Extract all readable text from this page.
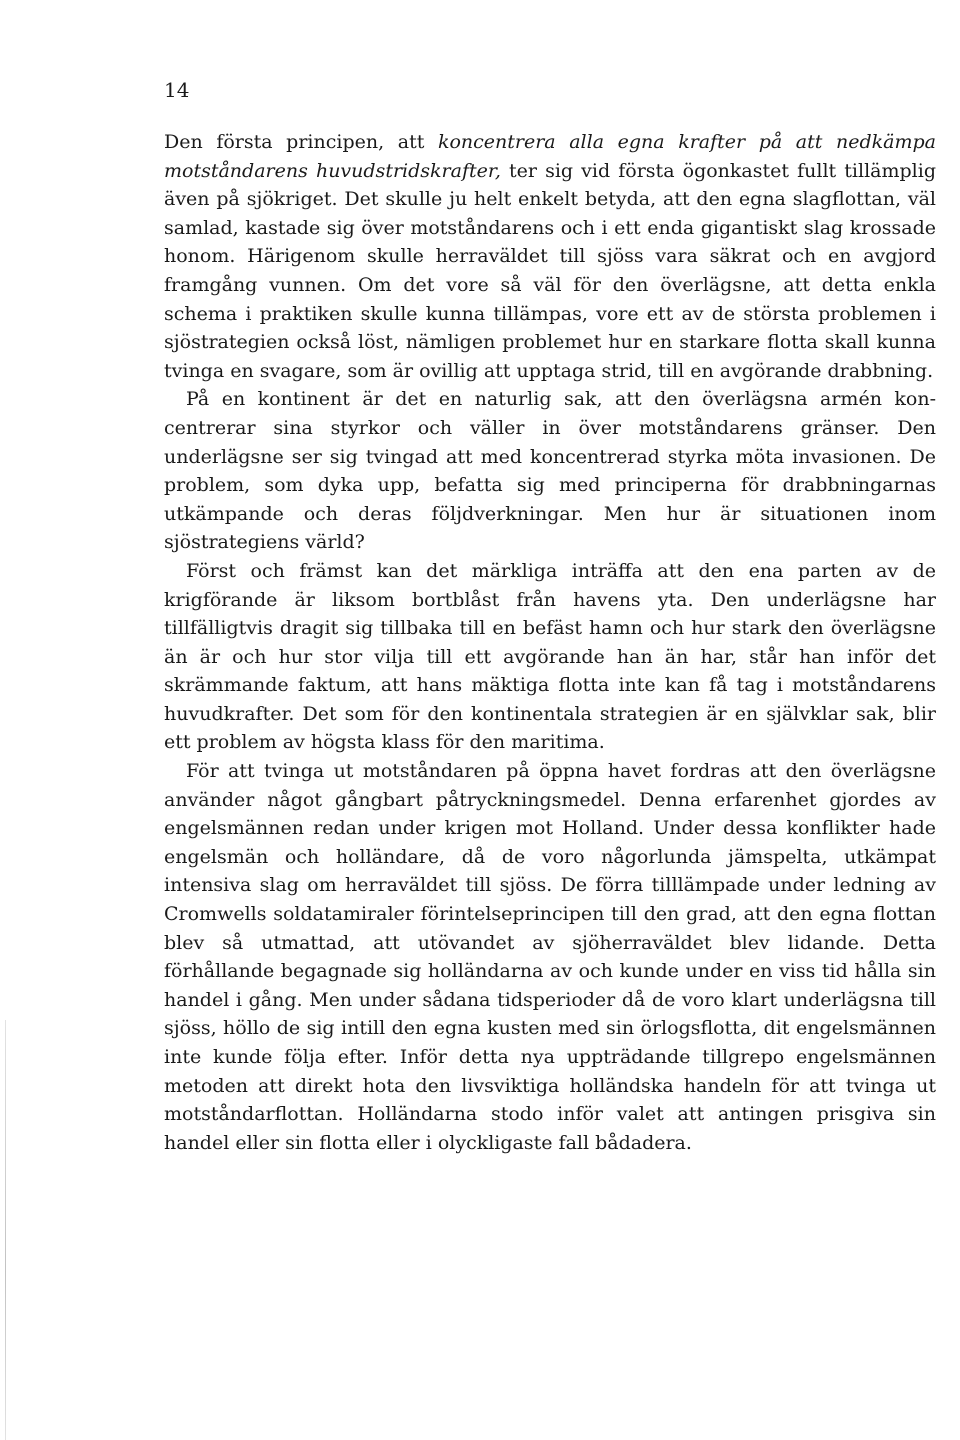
14

Den första principen, att koncentrera alla egna krafter på att nedkämpa motståndarens huvudstridskrafter, ter sig vid första ögonkastet fullt tillämplig även på sjökriget. Det skulle ju helt enkelt betyda, att den egna slagflottan, väl samlad, kastade sig över motståndarens och i ett enda gigantiskt slag krossade honom. Härigenom skulle herraväldet till sjöss vara säkrat och en avgjord framgång vunnen. Om det vore så väl för den överlägsne, att detta enkla schema i praktiken skulle kunna tillämpas, vore ett av de största problemen i sjöstrategien också löst, nämligen problemet hur en starkare flotta skall kunna tvinga en svagare, som är ovillig att upptaga strid, till en avgörande drabbning.

På en kontinent är det en naturlig sak, att den överlägsna armén koncentrerar sina styrkor och väller in över motståndarens gränser. Den underlägsne ser sig tvingad att med koncentrerad styrka möta invasionen. De problem, som dyka upp, befatta sig med principerna för drabbningarnas utkämpande och deras följdverkningar. Men hur är situationen inom sjöstrategiens värld?

Först och främst kan det märkliga inträffa att den ena parten av de krigförande är liksom bortblåst från havens yta. Den underlägsne har tillfälligtvis dragit sig tillbaka till en befäst hamn och hur stark den överlägsne än är och hur stor vilja till ett avgörande han än har, står han inför det skrämmande faktum, att hans mäktiga flotta inte kan få tag i motståndarens huvudkrafter. Det som för den kontinentala strategien är en självklar sak, blir ett problem av högsta klass för den maritima.

För att tvinga ut motståndaren på öppna havet fordras att den överlägsne använder något gångbart påtryckningsmedel. Denna erfarenhet gjordes av engelsmännen redan under krigen mot Holland. Under dessa konflikter hade engelsmän och holländare, då de voro någorlunda jämspelta, utkämpat intensiva slag om herraväldet till sjöss. De förra tilllämpade under ledning av Cromwells soldatamiraler förintelseprincipen till den grad, att den egna flottan blev så utmattad, att utövandet av sjöherraväldet blev lidande. Detta förhållande begagnade sig holländarna av och kunde under en viss tid hålla sin handel i gång. Men under sådana tidsperioder då de voro klart underlägsna till sjöss, höllo de sig intill den egna kusten med sin örlogsflotta, dit engelsmännen inte kunde följa efter. Inför detta nya uppträdande tillgrepo engelsmännen metoden att direkt hota den livsviktiga holländska handeln för att tvinga ut motståndarflottan. Holländarna stodo inför valet att antingen prisgiva sin handel eller sin flotta eller i olyckligaste fall bådadera.
